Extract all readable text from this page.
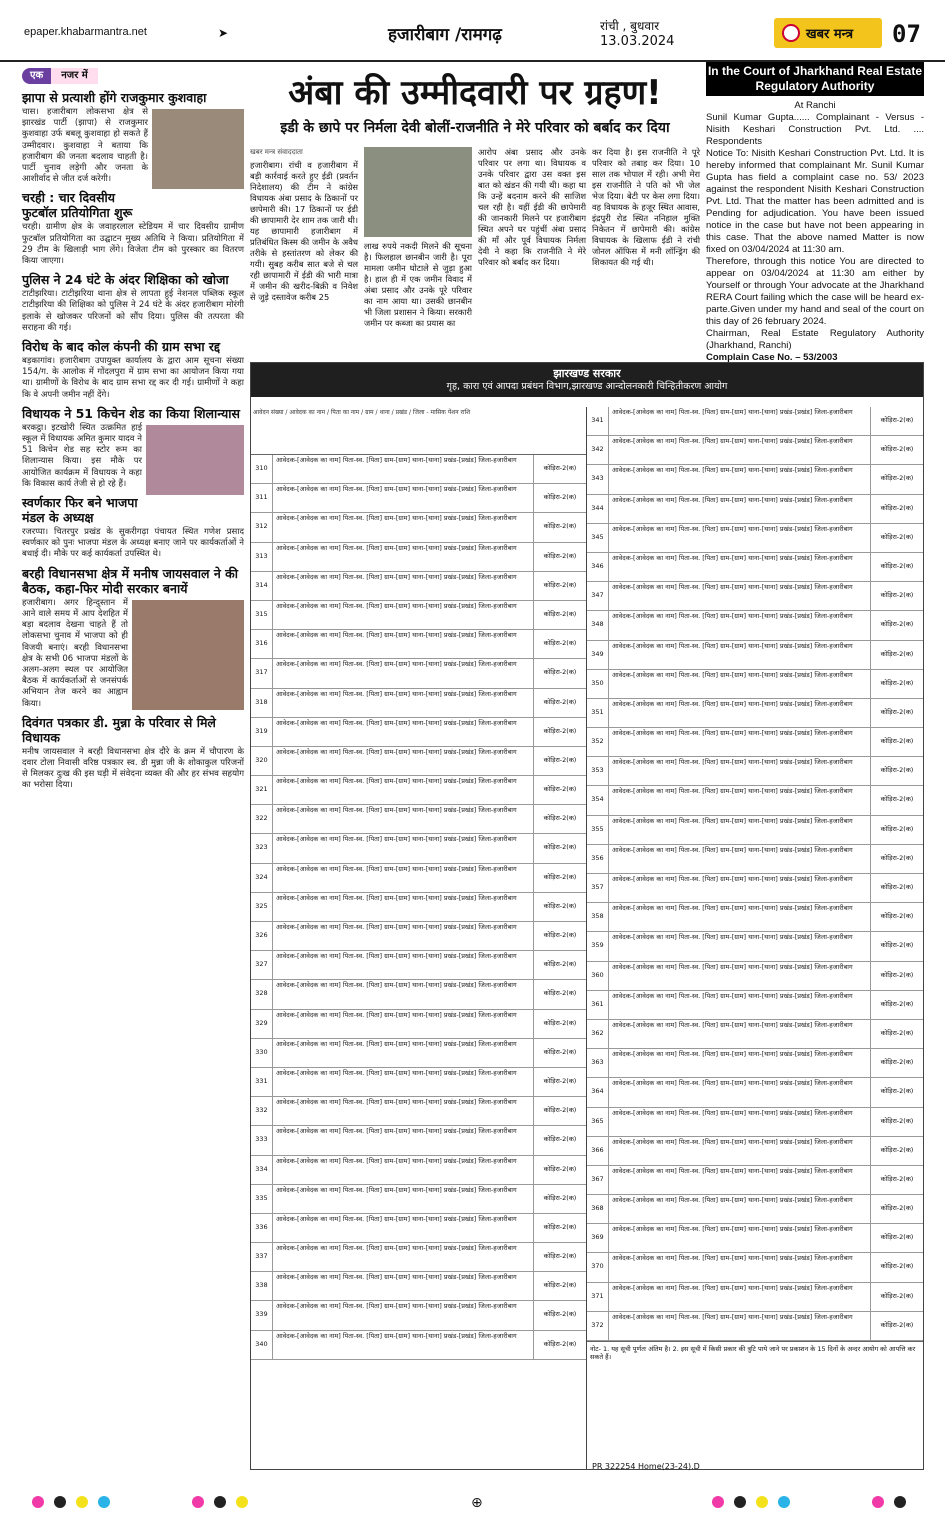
epaper.khabarmantra.net	➤	हजारीबाग /रामगढ़	रांची , बुधवार
13.03.2024	खबर मन्त्र 07
एक	नजर में
झापा से प्रत्याशी होंगे राजकुमार कुशवाहा

चास। हजारीबाग लोकसभा क्षेत्र से झारखंड पार्टी (झापा) से राजकुमार कुशवाहा उर्फ बबलू कुशवाहा हो सकते हैं उम्मीदवार। कुशवाहा ने बताया कि हजारीबाग की जनता बदलाव चाहती है। पार्टी चुनाव लड़ेगी और जनता के आशीर्वाद से जीत दर्ज करेगी।

चरही : चार दिवसीय फुटबॉल प्रतियोगिता शुरू

चरही। ग्रामीण क्षेत्र के जवाहरलाल स्टेडियम में चार दिवसीय ग्रामीण फुटबॉल प्रतियोगिता का उद्घाटन मुख्य अतिथि ने किया। प्रतियोगिता में 29 टीम के खिलाड़ी भाग लेंगे। विजेता टीम को पुरस्कार का वितरण किया जाएगा।

पुलिस ने 24 घंटे के अंदर शिक्षिका को खोजा

टाटीझरिया। टाटीझरिया थाना क्षेत्र से लापता हुई नेशनल पब्लिक स्कूल टाटीझरिया की शिक्षिका को पुलिस ने 24 घंटे के अंदर हजारीबाग मोरंगी इलाके से खोजकर परिजनों को सौंप दिया। पुलिस की तत्परता की सराहना की गई।

विरोध के बाद कोल कंपनी की ग्राम सभा रद्द

बड़कागांव। हजारीबाग उपायुक्त कार्यालय के द्वारा आम सूचना संख्या 154/ग. के आलोक में गोंदलपुरा में ग्राम सभा का आयोजन किया गया था। ग्रामीणों के विरोध के बाद ग्राम सभा रद्द कर दी गई। ग्रामीणों ने कहा कि वे अपनी जमीन नहीं देंगे।

विधायक ने 51 किचेन शेड का किया शिलान्यास

बरकट्ठा। इटखोरी स्थित उत्क्रमित हाई स्कूल में विधायक अमित कुमार यादव ने 51 किचेन शेड सह स्टोर रूम का शिलान्यास किया। इस मौके पर आयोजित कार्यक्रम में विधायक ने कहा कि विकास कार्य तेजी से हो रहे हैं।

स्वर्णकार फिर बने भाजपा मंडल के अध्यक्ष

रजरप्पा। चितरपुर प्रखंड के सुकरीगढ़ा पंचायत स्थित गणेश प्रसाद स्वर्णकार को पुनः भाजपा मंडल के अध्यक्ष बनाए जाने पर कार्यकर्ताओं ने बधाई दी। मौके पर कई कार्यकर्ता उपस्थित थे।

बरही विधानसभा क्षेत्र में मनीष जायसवाल ने की बैठक, कहा-फिर मोदी सरकार बनायें

हजारीबाग। अगर हिन्दुस्तान में आने वाले समय में आप देशहित में बड़ा बदलाव देखना चाहते हैं तो लोकसभा चुनाव में भाजपा को ही विजयी बनाएं। बरही विधानसभा क्षेत्र के सभी 06 भाजपा मंडलों के अलग-अलग स्थल पर आयोजित बैठक में कार्यकर्ताओं से जनसंपर्क अभियान तेज करने का आह्वान किया।

दिवंगत पत्रकार डी. मुन्ना के परिवार से मिले विधायक

मनीष जायसवाल ने बरही विधानसभा क्षेत्र दौरे के क्रम में चौपारण के दवार टोला निवासी वरिष्ठ पत्रकार स्व. डी मुन्ना जी के शोकाकुल परिजनों से मिलकर दुःख की इस घड़ी में संवेदना व्यक्त की और हर संभव सहयोग का भरोसा दिया।

अंबा की उम्मीदवारी पर ग्रहण!
इडी के छापे पर निर्मला देवी बोलीं-राजनीति ने मेरे परिवार को बर्बाद कर दिया
खबर मन्त्र संवाददाता

हजारीबाग। रांची व हजारीबाग में बड़ी कार्रवाई करते हुए ईडी (प्रवर्तन निदेशालय) की टीम ने कांग्रेस विधायक अंबा प्रसाद के ठिकानों पर छापेमारी की। 17 ठिकानों पर ईडी की छापामारी देर शाम तक जारी थी। यह छापामारी हजारीबाग में प्रतिबंधित किस्म की जमीन के अवैध तरीके से हस्तांतरण को लेकर की गयी। सुबह करीब सात बजे से चल रही छापामारी में ईडी की भारी मात्रा में जमीन की खरीद-बिक्री व निवेश से जुड़े दस्तावेज करीब 25

लाख रुपये नकदी मिलने की सूचना है। फिलहाल छानबीन जारी है। पूरा मामला जमीन घोटाले से जुड़ा हुआ है। हाल ही में एक जमीन विवाद में अंबा प्रसाद और उनके पूरे परिवार का नाम आया था। उसकी छानबीन भी जिला प्रशासन ने किया। सरकारी जमीन पर कब्जा का प्रयास का

आरोप अंबा प्रसाद और उनके परिवार पर लगा था। विधायक व उनके परिवार द्वारा उस वक्त इस बात को खंडन की गयी थी। कहा था कि उन्हें बदनाम करने की साजिश चल रही है। वहीं ईडी की छापेमारी की जानकारी मिलने पर हजारीबाग स्थित अपने घर पहुंचीं अंबा प्रसाद की माँ और पूर्व विधायक निर्मला देवी ने कहा कि राजनीति ने मेरे परिवार को बर्बाद कर दिया।

कर दिया है। इस राजनीति ने पूरे परिवार को तबाह कर दिया। 10 साल तक भोपाल में रही। अभी मेरा इस राजनीति ने पति को भी जेल भेज दिया। बेटी पर केस लगा दिया। वह विधायक के हजूर स्थित आवास, इंद्रपुरी रोड स्थित ननिहाल मुक्ति निकेतन में छापेमारी की। कांग्रेस विधायक के खिलाफ ईडी ने रांची जोनल ऑफिस में मनी लॉन्ड्रिंग की शिकायत की गई थी।

In the Court of Jharkhand Real Estate Regulatory Authority

At Ranchi

Sunil Kumar Gupta...... Complainant - Versus - Nisith Keshari Construction Pvt. Ltd. .... Respondents

Notice To: Nisith Keshari Construction Pvt. Ltd. It is hereby informed that complainant Mr. Sunil Kumar Gupta has field a complaint case no. 53/ 2023 against the respondent Nisith Keshari Construction Pvt. Ltd. That the matter has been admitted and is Pending for adjudication. You have been issued notice in the case but have not been appearing in this case. That the above named Matter is now fixed on 03/04/2024 at 11:30 am.

Therefore, through this notice You are directed to appear on 03/04/2024 at 11:30 am either by Yourself or through Your advocate at the Jharkhand RERA Court failing which the case will be heard ex-parte.Given under my hand and seal of the court on this day of 26 february 2024.

Chairman, Real Estate Regulatory Authority (Jharkhand, Ranchi)

Complain Case No. – 53/2003

झारखण्ड सरकार
गृह, कारा एवं आपदा प्रबंधन विभाग,झारखण्ड आन्दोलनकारी चिन्हितीकरण आयोग
आवेदन संख्या / आवेदक का नाम / पिता का नाम / ग्राम / थाना / प्रखंड / जिला - मासिक पेंशन राशि
310
आवेदक-[आवेदक का नाम] पिता-स्व. [पिता] ग्राम-[ग्राम] थाना-[थाना] प्रखंड-[प्रखंड] जिला-हजारीबाग
कोड़िरा-2(क)
311
आवेदक-[आवेदक का नाम] पिता-स्व. [पिता] ग्राम-[ग्राम] थाना-[थाना] प्रखंड-[प्रखंड] जिला-हजारीबाग
कोड़िरा-2(क)
312
आवेदक-[आवेदक का नाम] पिता-स्व. [पिता] ग्राम-[ग्राम] थाना-[थाना] प्रखंड-[प्रखंड] जिला-हजारीबाग
कोड़िरा-2(क)
313
आवेदक-[आवेदक का नाम] पिता-स्व. [पिता] ग्राम-[ग्राम] थाना-[थाना] प्रखंड-[प्रखंड] जिला-हजारीबाग
कोड़िरा-2(क)
314
आवेदक-[आवेदक का नाम] पिता-स्व. [पिता] ग्राम-[ग्राम] थाना-[थाना] प्रखंड-[प्रखंड] जिला-हजारीबाग
कोड़िरा-2(क)
315
आवेदक-[आवेदक का नाम] पिता-स्व. [पिता] ग्राम-[ग्राम] थाना-[थाना] प्रखंड-[प्रखंड] जिला-हजारीबाग
कोड़िरा-2(क)
316
आवेदक-[आवेदक का नाम] पिता-स्व. [पिता] ग्राम-[ग्राम] थाना-[थाना] प्रखंड-[प्रखंड] जिला-हजारीबाग
कोड़िरा-2(क)
317
आवेदक-[आवेदक का नाम] पिता-स्व. [पिता] ग्राम-[ग्राम] थाना-[थाना] प्रखंड-[प्रखंड] जिला-हजारीबाग
कोड़िरा-2(क)
318
आवेदक-[आवेदक का नाम] पिता-स्व. [पिता] ग्राम-[ग्राम] थाना-[थाना] प्रखंड-[प्रखंड] जिला-हजारीबाग
कोड़िरा-2(क)
319
आवेदक-[आवेदक का नाम] पिता-स्व. [पिता] ग्राम-[ग्राम] थाना-[थाना] प्रखंड-[प्रखंड] जिला-हजारीबाग
कोड़िरा-2(क)
320
आवेदक-[आवेदक का नाम] पिता-स्व. [पिता] ग्राम-[ग्राम] थाना-[थाना] प्रखंड-[प्रखंड] जिला-हजारीबाग
कोड़िरा-2(क)
321
आवेदक-[आवेदक का नाम] पिता-स्व. [पिता] ग्राम-[ग्राम] थाना-[थाना] प्रखंड-[प्रखंड] जिला-हजारीबाग
कोड़िरा-2(क)
322
आवेदक-[आवेदक का नाम] पिता-स्व. [पिता] ग्राम-[ग्राम] थाना-[थाना] प्रखंड-[प्रखंड] जिला-हजारीबाग
कोड़िरा-2(क)
323
आवेदक-[आवेदक का नाम] पिता-स्व. [पिता] ग्राम-[ग्राम] थाना-[थाना] प्रखंड-[प्रखंड] जिला-हजारीबाग
कोड़िरा-2(क)
324
आवेदक-[आवेदक का नाम] पिता-स्व. [पिता] ग्राम-[ग्राम] थाना-[थाना] प्रखंड-[प्रखंड] जिला-हजारीबाग
कोड़िरा-2(क)
325
आवेदक-[आवेदक का नाम] पिता-स्व. [पिता] ग्राम-[ग्राम] थाना-[थाना] प्रखंड-[प्रखंड] जिला-हजारीबाग
कोड़िरा-2(क)
326
आवेदक-[आवेदक का नाम] पिता-स्व. [पिता] ग्राम-[ग्राम] थाना-[थाना] प्रखंड-[प्रखंड] जिला-हजारीबाग
कोड़िरा-2(क)
327
आवेदक-[आवेदक का नाम] पिता-स्व. [पिता] ग्राम-[ग्राम] थाना-[थाना] प्रखंड-[प्रखंड] जिला-हजारीबाग
कोड़िरा-2(क)
328
आवेदक-[आवेदक का नाम] पिता-स्व. [पिता] ग्राम-[ग्राम] थाना-[थाना] प्रखंड-[प्रखंड] जिला-हजारीबाग
कोड़िरा-2(क)
329
आवेदक-[आवेदक का नाम] पिता-स्व. [पिता] ग्राम-[ग्राम] थाना-[थाना] प्रखंड-[प्रखंड] जिला-हजारीबाग
कोड़िरा-2(क)
330
आवेदक-[आवेदक का नाम] पिता-स्व. [पिता] ग्राम-[ग्राम] थाना-[थाना] प्रखंड-[प्रखंड] जिला-हजारीबाग
कोड़िरा-2(क)
331
आवेदक-[आवेदक का नाम] पिता-स्व. [पिता] ग्राम-[ग्राम] थाना-[थाना] प्रखंड-[प्रखंड] जिला-हजारीबाग
कोड़िरा-2(क)
332
आवेदक-[आवेदक का नाम] पिता-स्व. [पिता] ग्राम-[ग्राम] थाना-[थाना] प्रखंड-[प्रखंड] जिला-हजारीबाग
कोड़िरा-2(क)
333
आवेदक-[आवेदक का नाम] पिता-स्व. [पिता] ग्राम-[ग्राम] थाना-[थाना] प्रखंड-[प्रखंड] जिला-हजारीबाग
कोड़िरा-2(क)
334
आवेदक-[आवेदक का नाम] पिता-स्व. [पिता] ग्राम-[ग्राम] थाना-[थाना] प्रखंड-[प्रखंड] जिला-हजारीबाग
कोड़िरा-2(क)
335
आवेदक-[आवेदक का नाम] पिता-स्व. [पिता] ग्राम-[ग्राम] थाना-[थाना] प्रखंड-[प्रखंड] जिला-हजारीबाग
कोड़िरा-2(क)
336
आवेदक-[आवेदक का नाम] पिता-स्व. [पिता] ग्राम-[ग्राम] थाना-[थाना] प्रखंड-[प्रखंड] जिला-हजारीबाग
कोड़िरा-2(क)
337
आवेदक-[आवेदक का नाम] पिता-स्व. [पिता] ग्राम-[ग्राम] थाना-[थाना] प्रखंड-[प्रखंड] जिला-हजारीबाग
कोड़िरा-2(क)
338
आवेदक-[आवेदक का नाम] पिता-स्व. [पिता] ग्राम-[ग्राम] थाना-[थाना] प्रखंड-[प्रखंड] जिला-हजारीबाग
कोड़िरा-2(क)
339
आवेदक-[आवेदक का नाम] पिता-स्व. [पिता] ग्राम-[ग्राम] थाना-[थाना] प्रखंड-[प्रखंड] जिला-हजारीबाग
कोड़िरा-2(क)
340
आवेदक-[आवेदक का नाम] पिता-स्व. [पिता] ग्राम-[ग्राम] थाना-[थाना] प्रखंड-[प्रखंड] जिला-हजारीबाग
कोड़िरा-2(क)
341
आवेदक-[आवेदक का नाम] पिता-स्व. [पिता] ग्राम-[ग्राम] थाना-[थाना] प्रखंड-[प्रखंड] जिला-हजारीबाग
कोड़िरा-2(क)
342
आवेदक-[आवेदक का नाम] पिता-स्व. [पिता] ग्राम-[ग्राम] थाना-[थाना] प्रखंड-[प्रखंड] जिला-हजारीबाग
कोड़िरा-2(क)
343
आवेदक-[आवेदक का नाम] पिता-स्व. [पिता] ग्राम-[ग्राम] थाना-[थाना] प्रखंड-[प्रखंड] जिला-हजारीबाग
कोड़िरा-2(क)
344
आवेदक-[आवेदक का नाम] पिता-स्व. [पिता] ग्राम-[ग्राम] थाना-[थाना] प्रखंड-[प्रखंड] जिला-हजारीबाग
कोड़िरा-2(क)
345
आवेदक-[आवेदक का नाम] पिता-स्व. [पिता] ग्राम-[ग्राम] थाना-[थाना] प्रखंड-[प्रखंड] जिला-हजारीबाग
कोड़िरा-2(क)
346
आवेदक-[आवेदक का नाम] पिता-स्व. [पिता] ग्राम-[ग्राम] थाना-[थाना] प्रखंड-[प्रखंड] जिला-हजारीबाग
कोड़िरा-2(क)
347
आवेदक-[आवेदक का नाम] पिता-स्व. [पिता] ग्राम-[ग्राम] थाना-[थाना] प्रखंड-[प्रखंड] जिला-हजारीबाग
कोड़िरा-2(क)
348
आवेदक-[आवेदक का नाम] पिता-स्व. [पिता] ग्राम-[ग्राम] थाना-[थाना] प्रखंड-[प्रखंड] जिला-हजारीबाग
कोड़िरा-2(क)
349
आवेदक-[आवेदक का नाम] पिता-स्व. [पिता] ग्राम-[ग्राम] थाना-[थाना] प्रखंड-[प्रखंड] जिला-हजारीबाग
कोड़िरा-2(क)
350
आवेदक-[आवेदक का नाम] पिता-स्व. [पिता] ग्राम-[ग्राम] थाना-[थाना] प्रखंड-[प्रखंड] जिला-हजारीबाग
कोड़िरा-2(क)
351
आवेदक-[आवेदक का नाम] पिता-स्व. [पिता] ग्राम-[ग्राम] थाना-[थाना] प्रखंड-[प्रखंड] जिला-हजारीबाग
कोड़िरा-2(क)
352
आवेदक-[आवेदक का नाम] पिता-स्व. [पिता] ग्राम-[ग्राम] थाना-[थाना] प्रखंड-[प्रखंड] जिला-हजारीबाग
कोड़िरा-2(क)
353
आवेदक-[आवेदक का नाम] पिता-स्व. [पिता] ग्राम-[ग्राम] थाना-[थाना] प्रखंड-[प्रखंड] जिला-हजारीबाग
कोड़िरा-2(क)
354
आवेदक-[आवेदक का नाम] पिता-स्व. [पिता] ग्राम-[ग्राम] थाना-[थाना] प्रखंड-[प्रखंड] जिला-हजारीबाग
कोड़िरा-2(क)
355
आवेदक-[आवेदक का नाम] पिता-स्व. [पिता] ग्राम-[ग्राम] थाना-[थाना] प्रखंड-[प्रखंड] जिला-हजारीबाग
कोड़िरा-2(क)
356
आवेदक-[आवेदक का नाम] पिता-स्व. [पिता] ग्राम-[ग्राम] थाना-[थाना] प्रखंड-[प्रखंड] जिला-हजारीबाग
कोड़िरा-2(क)
357
आवेदक-[आवेदक का नाम] पिता-स्व. [पिता] ग्राम-[ग्राम] थाना-[थाना] प्रखंड-[प्रखंड] जिला-हजारीबाग
कोड़िरा-2(क)
358
आवेदक-[आवेदक का नाम] पिता-स्व. [पिता] ग्राम-[ग्राम] थाना-[थाना] प्रखंड-[प्रखंड] जिला-हजारीबाग
कोड़िरा-2(क)
359
आवेदक-[आवेदक का नाम] पिता-स्व. [पिता] ग्राम-[ग्राम] थाना-[थाना] प्रखंड-[प्रखंड] जिला-हजारीबाग
कोड़िरा-2(क)
360
आवेदक-[आवेदक का नाम] पिता-स्व. [पिता] ग्राम-[ग्राम] थाना-[थाना] प्रखंड-[प्रखंड] जिला-हजारीबाग
कोड़िरा-2(क)
361
आवेदक-[आवेदक का नाम] पिता-स्व. [पिता] ग्राम-[ग्राम] थाना-[थाना] प्रखंड-[प्रखंड] जिला-हजारीबाग
कोड़िरा-2(क)
362
आवेदक-[आवेदक का नाम] पिता-स्व. [पिता] ग्राम-[ग्राम] थाना-[थाना] प्रखंड-[प्रखंड] जिला-हजारीबाग
कोड़िरा-2(क)
363
आवेदक-[आवेदक का नाम] पिता-स्व. [पिता] ग्राम-[ग्राम] थाना-[थाना] प्रखंड-[प्रखंड] जिला-हजारीबाग
कोड़िरा-2(क)
364
आवेदक-[आवेदक का नाम] पिता-स्व. [पिता] ग्राम-[ग्राम] थाना-[थाना] प्रखंड-[प्रखंड] जिला-हजारीबाग
कोड़िरा-2(क)
365
आवेदक-[आवेदक का नाम] पिता-स्व. [पिता] ग्राम-[ग्राम] थाना-[थाना] प्रखंड-[प्रखंड] जिला-हजारीबाग
कोड़िरा-2(क)
366
आवेदक-[आवेदक का नाम] पिता-स्व. [पिता] ग्राम-[ग्राम] थाना-[थाना] प्रखंड-[प्रखंड] जिला-हजारीबाग
कोड़िरा-2(क)
367
आवेदक-[आवेदक का नाम] पिता-स्व. [पिता] ग्राम-[ग्राम] थाना-[थाना] प्रखंड-[प्रखंड] जिला-हजारीबाग
कोड़िरा-2(क)
368
आवेदक-[आवेदक का नाम] पिता-स्व. [पिता] ग्राम-[ग्राम] थाना-[थाना] प्रखंड-[प्रखंड] जिला-हजारीबाग
कोड़िरा-2(क)
369
आवेदक-[आवेदक का नाम] पिता-स्व. [पिता] ग्राम-[ग्राम] थाना-[थाना] प्रखंड-[प्रखंड] जिला-हजारीबाग
कोड़िरा-2(क)
370
आवेदक-[आवेदक का नाम] पिता-स्व. [पिता] ग्राम-[ग्राम] थाना-[थाना] प्रखंड-[प्रखंड] जिला-हजारीबाग
कोड़िरा-2(क)
371
आवेदक-[आवेदक का नाम] पिता-स्व. [पिता] ग्राम-[ग्राम] थाना-[थाना] प्रखंड-[प्रखंड] जिला-हजारीबाग
कोड़िरा-2(क)
372
आवेदक-[आवेदक का नाम] पिता-स्व. [पिता] ग्राम-[ग्राम] थाना-[थाना] प्रखंड-[प्रखंड] जिला-हजारीबाग
कोड़िरा-2(क)
नोट- 1. यह सूची पूर्णतः अंतिम है। 2. इस सूची में किसी प्रकार की त्रुटि पाये जाने पर प्रकाशन के 15 दिनों के अन्दर आयोग को आपत्ति कर सकते हैं।
PR 322254 Home(23-24).D
⊕
